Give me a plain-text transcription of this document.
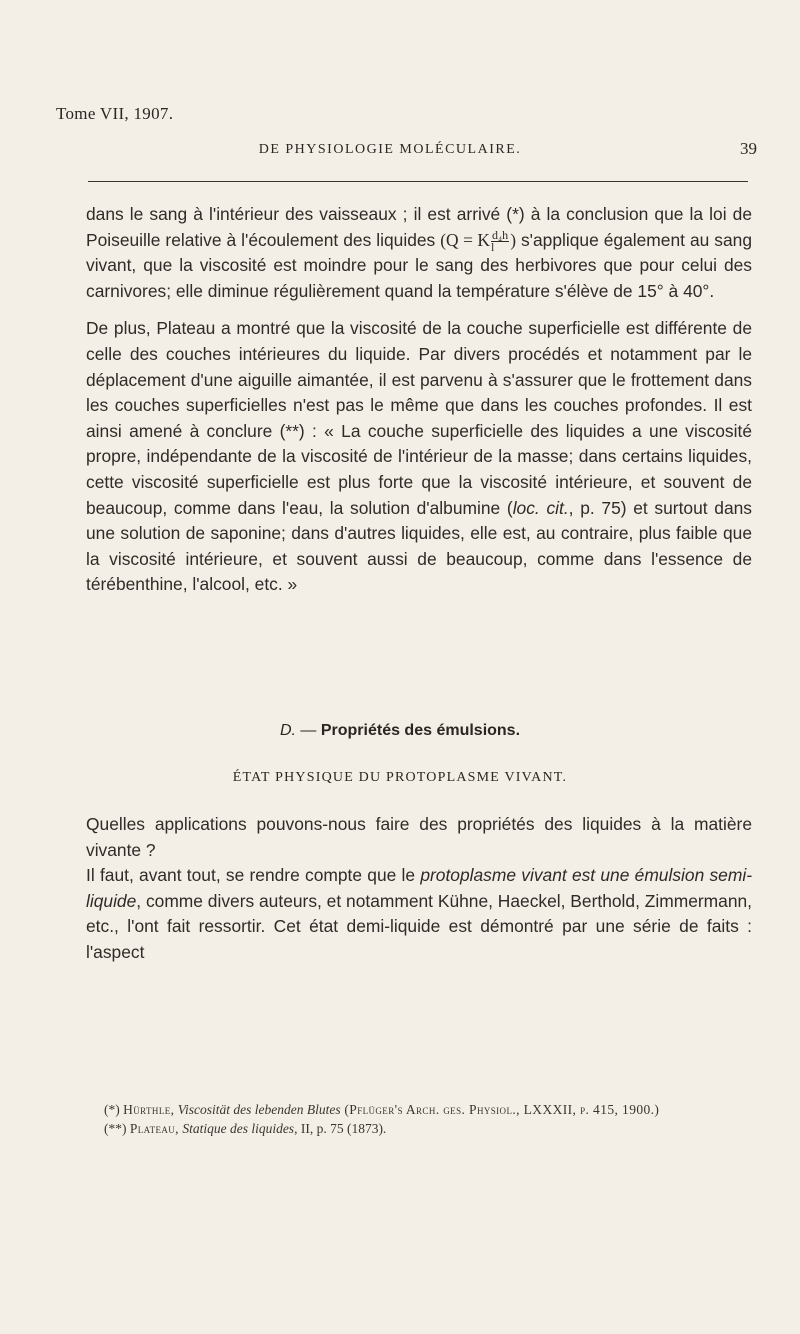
Tome VII, 1907.
DE PHYSIOLOGIE MOLÉCULAIRE.	39

dans le sang à l'intérieur des vaisseaux ; il est arrivé (*) à la conclusion que la loi de Poiseuille relative à l'écoulement des liquides (Q = K $\frac{\text{d₄h}}{l}$ ) s'applique également au sang vivant, que la viscosité est moindre pour le sang des herbivores que pour celui des carnivores; elle diminue régulièrement quand la température s'élève de 15° à 40°.

De plus, Plateau a montré que la viscosité de la couche superficielle est différente de celle des couches intérieures du liquide. Par divers procédés et notamment par le déplacement d'une aiguille aimantée, il est parvenu à s'assurer que le frottement dans les couches superficielles n'est pas le même que dans les couches profondes. Il est ainsi amené à conclure (**) : « La couche superficielle des liquides a une viscosité propre, indépendante de la viscosité de l'intérieur de la masse; dans certains liquides, cette viscosité superficielle est plus forte que la viscosité intérieure, et souvent de beaucoup, comme dans l'eau, la solution d'albumine (loc. cit., p. 75) et surtout dans une solution de saponine; dans d'autres liquides, elle est, au contraire, plus faible que la viscosité intérieure, et souvent aussi de beaucoup, comme dans l'essence de térébenthine, l'alcool, etc. »

D. — Propriétés des émulsions.
ÉTAT PHYSIQUE DU PROTOPLASME VIVANT.

Quelles applications pouvons-nous faire des propriétés des liquides à la matière vivante ?

Il faut, avant tout, se rendre compte que le protoplasme vivant est une émulsion semi-liquide, comme divers auteurs, et notamment Kühne, Haeckel, Berthold, Zimmermann, etc., l'ont fait ressortir. Cet état demi-liquide est démontré par une série de faits : l'aspect

(*) Hürthle, Viscosität des lebenden Blutes (Pflüger's Arch. ges. Physiol., LXXXII, p. 415, 1900.)

(**) Plateau, Statique des liquides, II, p. 75 (1873).
